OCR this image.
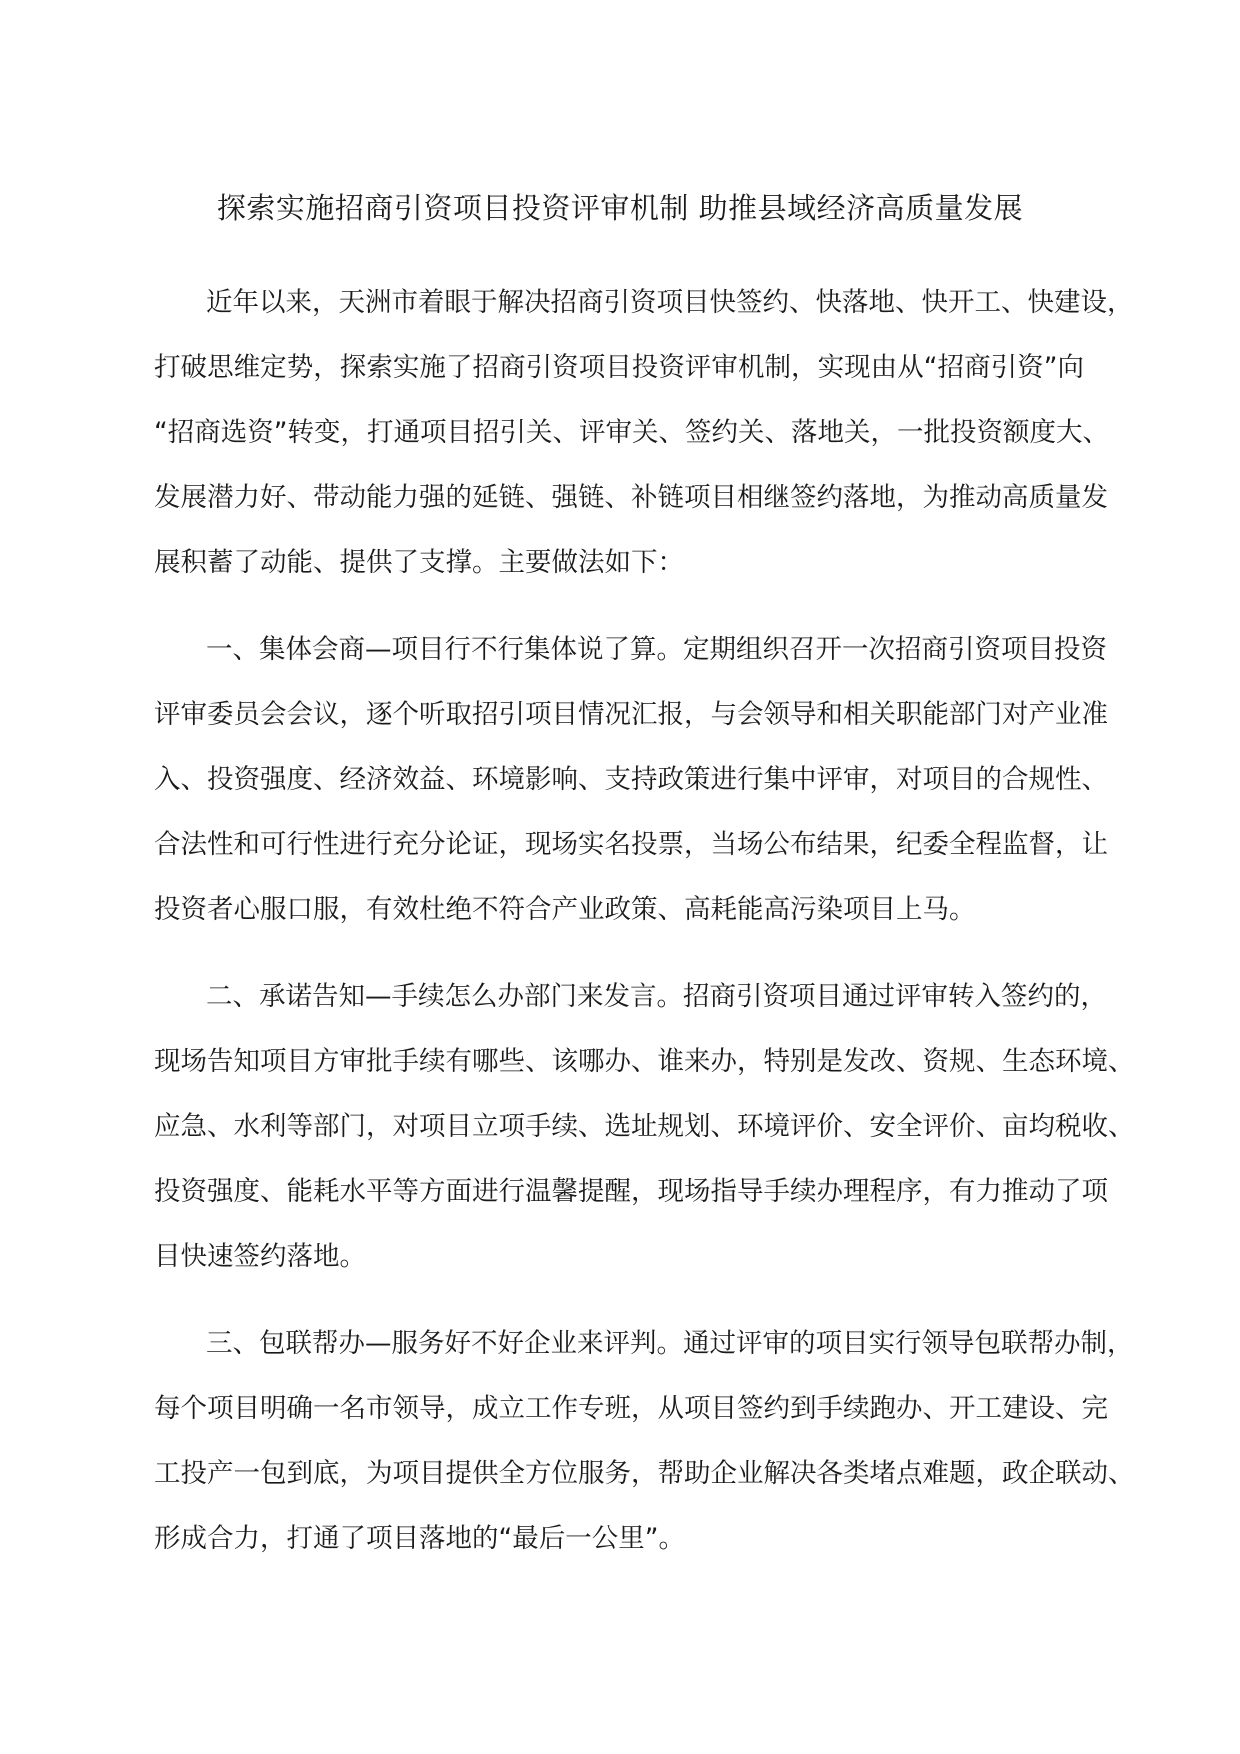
探索实施招商引资项目投资评审机制 助推县域经济高质量发展
近年以来，天洲市着眼于解决招商引资项目快签约、快落地、快开工、快建设，
打破思维定势，探索实施了招商引资项目投资评审机制，实现由从“招商引资”向
“招商选资”转变，打通项目招引关、评审关、签约关、落地关，一批投资额度大、
发展潜力好、带动能力强的延链、强链、补链项目相继签约落地，为推动高质量发
展积蓄了动能、提供了支撑。主要做法如下：
一、集体会商—项目行不行集体说了算。定期组织召开一次招商引资项目投资
评审委员会会议，逐个听取招引项目情况汇报，与会领导和相关职能部门对产业准
入、投资强度、经济效益、环境影响、支持政策进行集中评审，对项目的合规性、
合法性和可行性进行充分论证，现场实名投票，当场公布结果，纪委全程监督，让
投资者心服口服，有效杜绝不符合产业政策、高耗能高污染项目上马。
二、承诺告知—手续怎么办部门来发言。招商引资项目通过评审转入签约的，
现场告知项目方审批手续有哪些、该哪办、谁来办，特别是发改、资规、生态环境、
应急、水利等部门，对项目立项手续、选址规划、环境评价、安全评价、亩均税收、
投资强度、能耗水平等方面进行温馨提醒，现场指导手续办理程序，有力推动了项
目快速签约落地。
三、包联帮办—服务好不好企业来评判。通过评审的项目实行领导包联帮办制，
每个项目明确一名市领导，成立工作专班，从项目签约到手续跑办、开工建设、完
工投产一包到底，为项目提供全方位服务，帮助企业解决各类堵点难题，政企联动、
形成合力，打通了项目落地的“最后一公里”。
